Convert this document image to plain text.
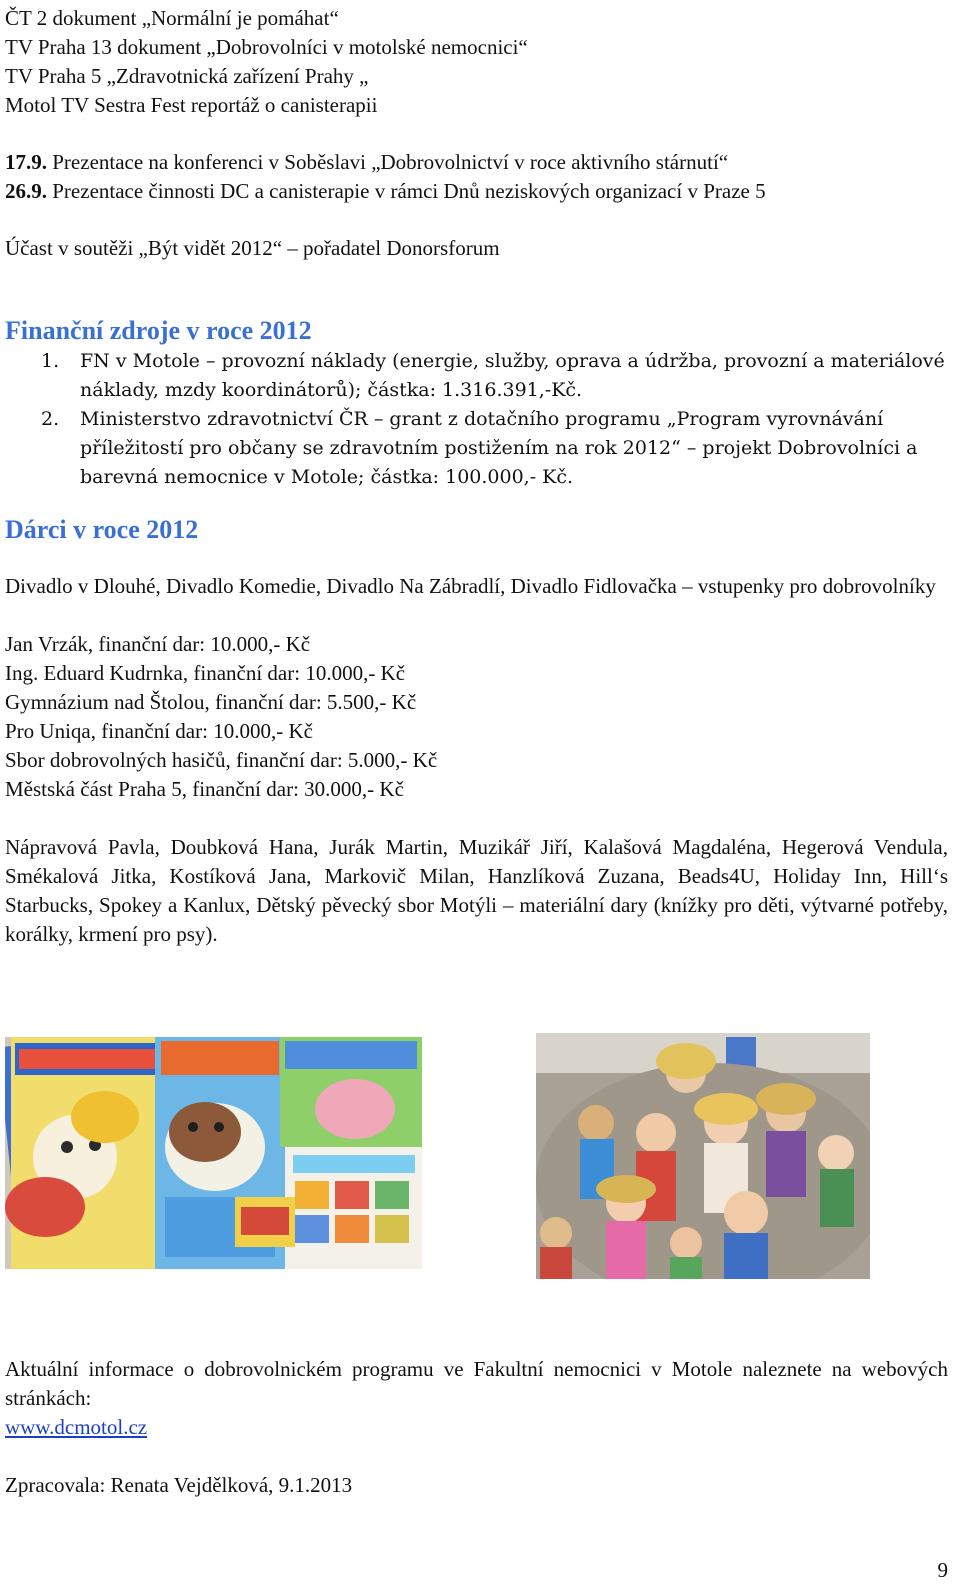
ČT 2 dokument „Normální je pomáhat“
TV Praha 13 dokument „Dobrovolníci v motolské nemocnici“
TV Praha 5 „Zdravotnická zařízení Prahy „
Motol TV Sestra Fest reportáž o canisterapii
17.9. Prezentace na konferenci v Soběslavi „Dobrovolnictví v roce aktivního stárnutí“
26.9. Prezentace činnosti DC a canisterapie v rámci Dnů neziskových organizací v Praze 5
Účast v soutěži „Být vidět 2012“ – pořadatel Donorsforum
Finanční zdroje v roce 2012
1. FN v Motole – provozní náklady (energie, služby, oprava a údržba, provozní a materiálové náklady, mzdy koordinátorů); částka: 1.316.391,-Kč.
2. Ministerstvo zdravotnictví ČR – grant z dotačního programu „Program vyrovnávání příležitostí pro občany se zdravotním postižením na rok 2012“ – projekt Dobrovolníci a barevná nemocnice v Motole; částka: 100.000,- Kč.
Dárci v roce 2012
Divadlo v Dlouhé, Divadlo Komedie, Divadlo Na Zábradlí, Divadlo Fidlovačka – vstupenky pro dobrovolníky
Jan Vrzák, finanční dar: 10.000,- Kč
Ing. Eduard Kudrnka, finanční dar: 10.000,- Kč
Gymnázium nad Štolou, finanční dar: 5.500,- Kč
Pro Uniqa, finanční dar: 10.000,- Kč
Sbor dobrovolných hasičů, finanční dar: 5.000,- Kč
Městská část Praha 5, finanční dar: 30.000,- Kč
Nápravová Pavla, Doubková Hana, Jurák Martin, Muzikář Jiří, Kalašová Magdaléna, Hegerová Vendula, Smékalová Jitka, Kostíková Jana, Markovič Milan, Hanzlíková Zuzana, Beads4U, Holiday Inn, Hill‘s Starbucks, Spokey a Kanlux, Dětský pěvecký sbor Motýli – materiální dary (knížky pro děti, výtvarné potřeby, korálky, krmení pro psy).
Aktuální informace o dobrovolnickém programu ve Fakultní nemocnici v Motole naleznete na webových stránkách:
www.dcmotol.cz
Zpracovala: Renata Vejdělková, 9.1.2013
9
